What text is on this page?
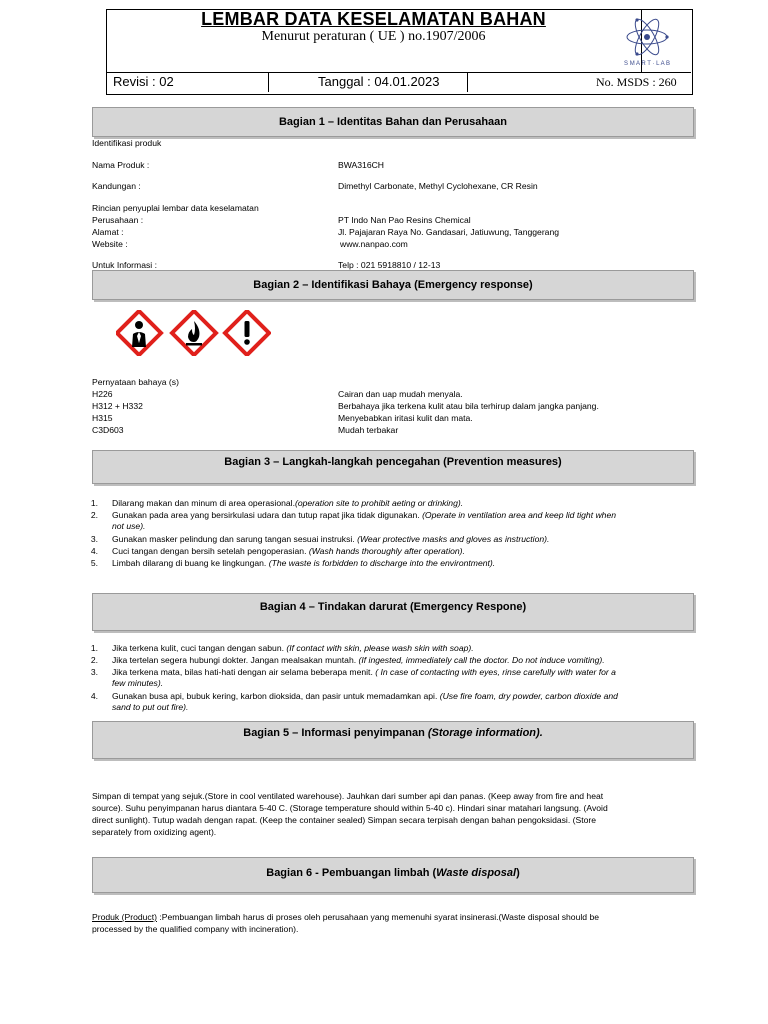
LEMBAR DATA KESELAMATAN BAHAN
Menurut peraturan ( UE ) no.1907/2006
S M A R T · L A B
Revisi : 02	Tanggal : 04.01.2023	No. MSDS : 260
Bagian 1 – Identitas Bahan dan Perusahaan
Identifikasi produk
Nama Produk :	BWA316CH
Kandungan :	Dimethyl Carbonate, Methyl Cyclohexane, CR Resin
Rincian penyuplai lembar data keselamatan
Perusahaan :	PT Indo Nan Pao Resins Chemical
Alamat :	Jl. Pajajaran Raya No. Gandasari, Jatiuwung, Tanggerang
Website :	www.nanpao.com
Untuk Informasi :	Telp : 021 5918810 / 12-13
Bagian 2 – Identifikasi Bahaya (Emergency response)
Pernyataan bahaya (s)
H226	Cairan dan uap mudah menyala.
H312 + H332	Berbahaya jika terkena kulit atau bila terhirup dalam jangka panjang.
H315	Menyebabkan iritasi kulit dan mata.
C3D603	Mudah terbakar
Bagian 3 – Langkah-langkah pencegahan (Prevention measures)
1. Dilarang makan dan minum di area operasional.(operation site to prohibit aeting or drinking).
2. Gunakan pada area yang bersirkulasi udara dan tutup rapat jika tidak digunakan. (Operate in ventilation area and keep lid tight when
not use).
3. Gunakan masker pelindung dan sarung tangan sesuai instruksi. (Wear protective masks and gloves as instruction).
4. Cuci tangan dengan bersih setelah pengoperasian. (Wash hands thoroughly after operation).
5. Limbah dilarang di buang ke lingkungan. (The waste is forbidden to discharge into the environtment).
Bagian 4 – Tindakan darurat (Emergency Respone)
1. Jika terkena kulit, cuci tangan dengan sabun. (If contact with skin, please wash skin with soap).
2. Jika tertelan segera hubungi dokter. Jangan mealsakan muntah. (If ingested, immediately call the doctor. Do not induce vomiting).
3. Jika terkena mata, bilas hati-hati dengan air selama beberapa menit. ( In case of contacting with eyes, rinse carefully with water for a
few minutes).
4. Gunakan busa api, bubuk kering, karbon dioksida, dan pasir untuk memadamkan api. (Use fire foam, dry powder, carbon dioxide and
sand to put out fire).
Bagian 5 – Informasi penyimpanan (Storage information).
Simpan di tempat yang sejuk.(Store in cool ventilated warehouse). Jauhkan dari sumber api dan panas. (Keep away from fire and heat
source). Suhu penyimpanan harus diantara 5-40 C. (Storage temperature should within 5-40 c). Hindari sinar matahari langsung. (Avoid
direct sunlight). Tutup wadah dengan rapat. (Keep the container sealed) Simpan secara terpisah dengan bahan pengoksidasi. (Store
separately from oxidizing agent).
Bagian 6 - Pembuangan limbah (Waste disposal)
Produk (Product) :Pembuangan limbah harus di proses oleh perusahaan yang memenuhi syarat insinerasi.(Waste disposal should be
processed by the qualified company with incineration).
